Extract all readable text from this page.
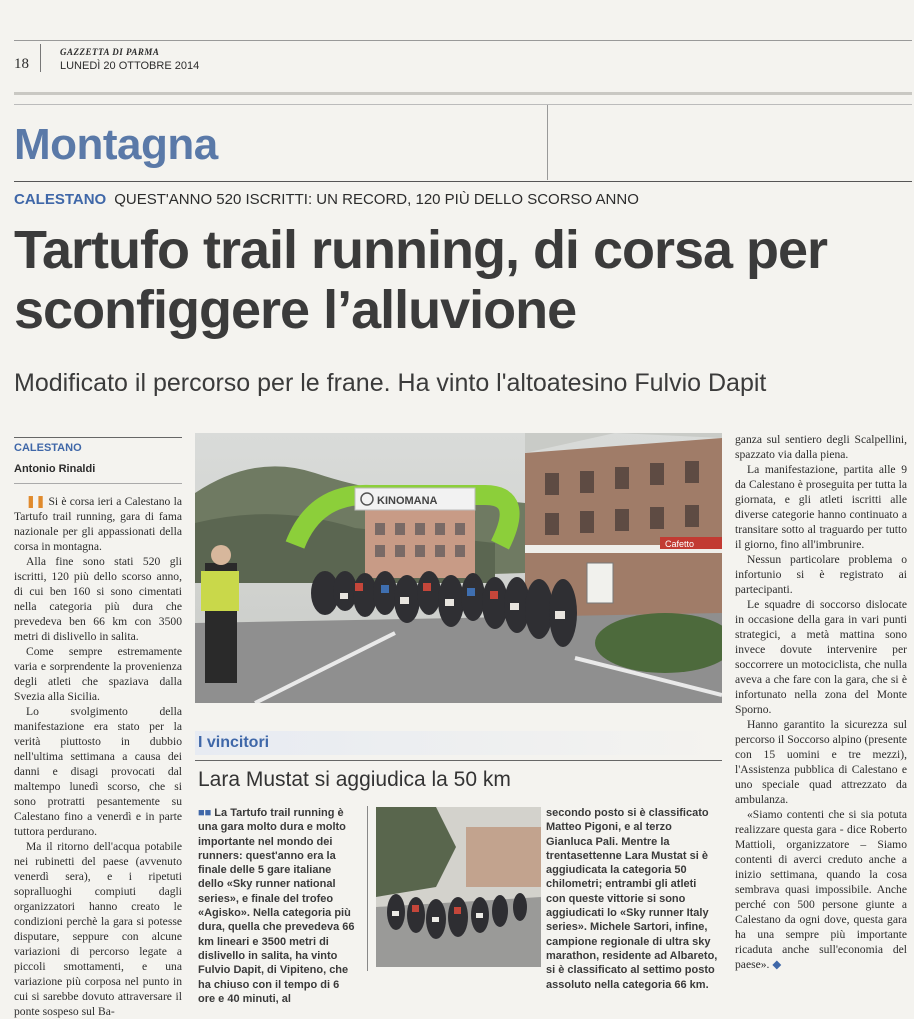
18
GAZZETTA DI PARMA
LUNEDÌ 20 OTTOBRE 2014
Montagna
CALESTANO QUEST'ANNO 520 ISCRITTI: UN RECORD, 120 PIÙ DELLO SCORSO ANNO
Tartufo trail running, di corsa per sconfiggere l’alluvione
Modificato il percorso per le frane. Ha vinto l'altoatesino Fulvio Dapit
CALESTANO
Antonio Rinaldi

❚❚ Si è corsa ieri a Calestano la Tartufo trail running, gara di fama nazionale per gli appassionati della corsa in montagna.

Alla fine sono stati 520 gli iscritti, 120 più dello scorso anno, di cui ben 160 si sono cimentati nella categoria più dura che prevedeva ben 66 km con 3500 metri di dislivello in salita.

Come sempre estremamente varia e sorprendente la provenienza degli atleti che spaziava dalla Svezia alla Sicilia.

Lo svolgimento della manifestazione era stato per la verità piuttosto in dubbio nell'ultima settimana a causa dei danni e disagi provocati dal maltempo lunedì scorso, che si sono protratti pesantemente su Calestano fino a venerdì e in parte tuttora perdurano.

Ma il ritorno dell'acqua potabile nei rubinetti del paese (avvenuto venerdì sera), e i ripetuti sopralluoghi compiuti dagli organizzatori hanno creato le condizioni perchè la gara si potesse disputare, seppure con alcune variazioni di percorso legate a piccoli smottamenti, e una variazione più corposa nel punto in cui si sarebbe dovuto attraversare il ponte sospeso sul Ba-

Cafetto
KINOMANA
I vincitori
Lara Mustat si aggiudica la 50 km

■■ La Tartufo trail running è una gara molto dura e molto importante nel mondo dei runners: quest'anno era la finale delle 5 gare italiane dello «Sky runner national series», e finale del trofeo «Agisko». Nella categoria più dura, quella che prevedeva 66 km lineari e 3500 metri di dislivello in salita, ha vinto Fulvio Dapit, di Vipiteno, che ha chiuso con il tempo di 6 ore e 40 minuti, al

secondo posto si è classificato Matteo Pigoni, e al terzo Gianluca Pali. Mentre la trentasettenne Lara Mustat si è aggiudicata la categoria 50 chilometri; entrambi gli atleti con queste vittorie si sono aggiudicati lo «Sky runner Italy series». Michele Sartori, infine, campione regionale di ultra sky marathon, residente ad Albareto, si è classificato al settimo posto assoluto nella categoria 66 km.

ganza sul sentiero degli Scalpellini, spazzato via dalla piena.

La manifestazione, partita alle 9 da Calestano è proseguita per tutta la giornata, e gli atleti iscritti alle diverse categorie hanno continuato a transitare sotto al traguardo per tutto il giorno, fino all'imbrunire.

Nessun particolare problema o infortunio si è registrato ai partecipanti.

Le squadre di soccorso dislocate in occasione della gara in vari punti strategici, a metà mattina sono invece dovute intervenire per soccorrere un motociclista, che nulla aveva a che fare con la gara, che si è infortunato nella zona del Monte Sporno.

Hanno garantito la sicurezza sul percorso il Soccorso alpino (presente con 15 uomini e tre mezzi), l'Assistenza pubblica di Calestano e uno speciale quad attrezzato da ambulanza.

«Siamo contenti che si sia potuta realizzare questa gara - dice Roberto Mattioli, organizzatore – Siamo contenti di averci creduto anche a inizio settimana, quando la cosa sembrava quasi impossibile. Anche perché con 500 persone giunte a Calestano da ogni dove, questa gara ha una sempre più importante ricaduta anche sull'economia del paese». ◆
